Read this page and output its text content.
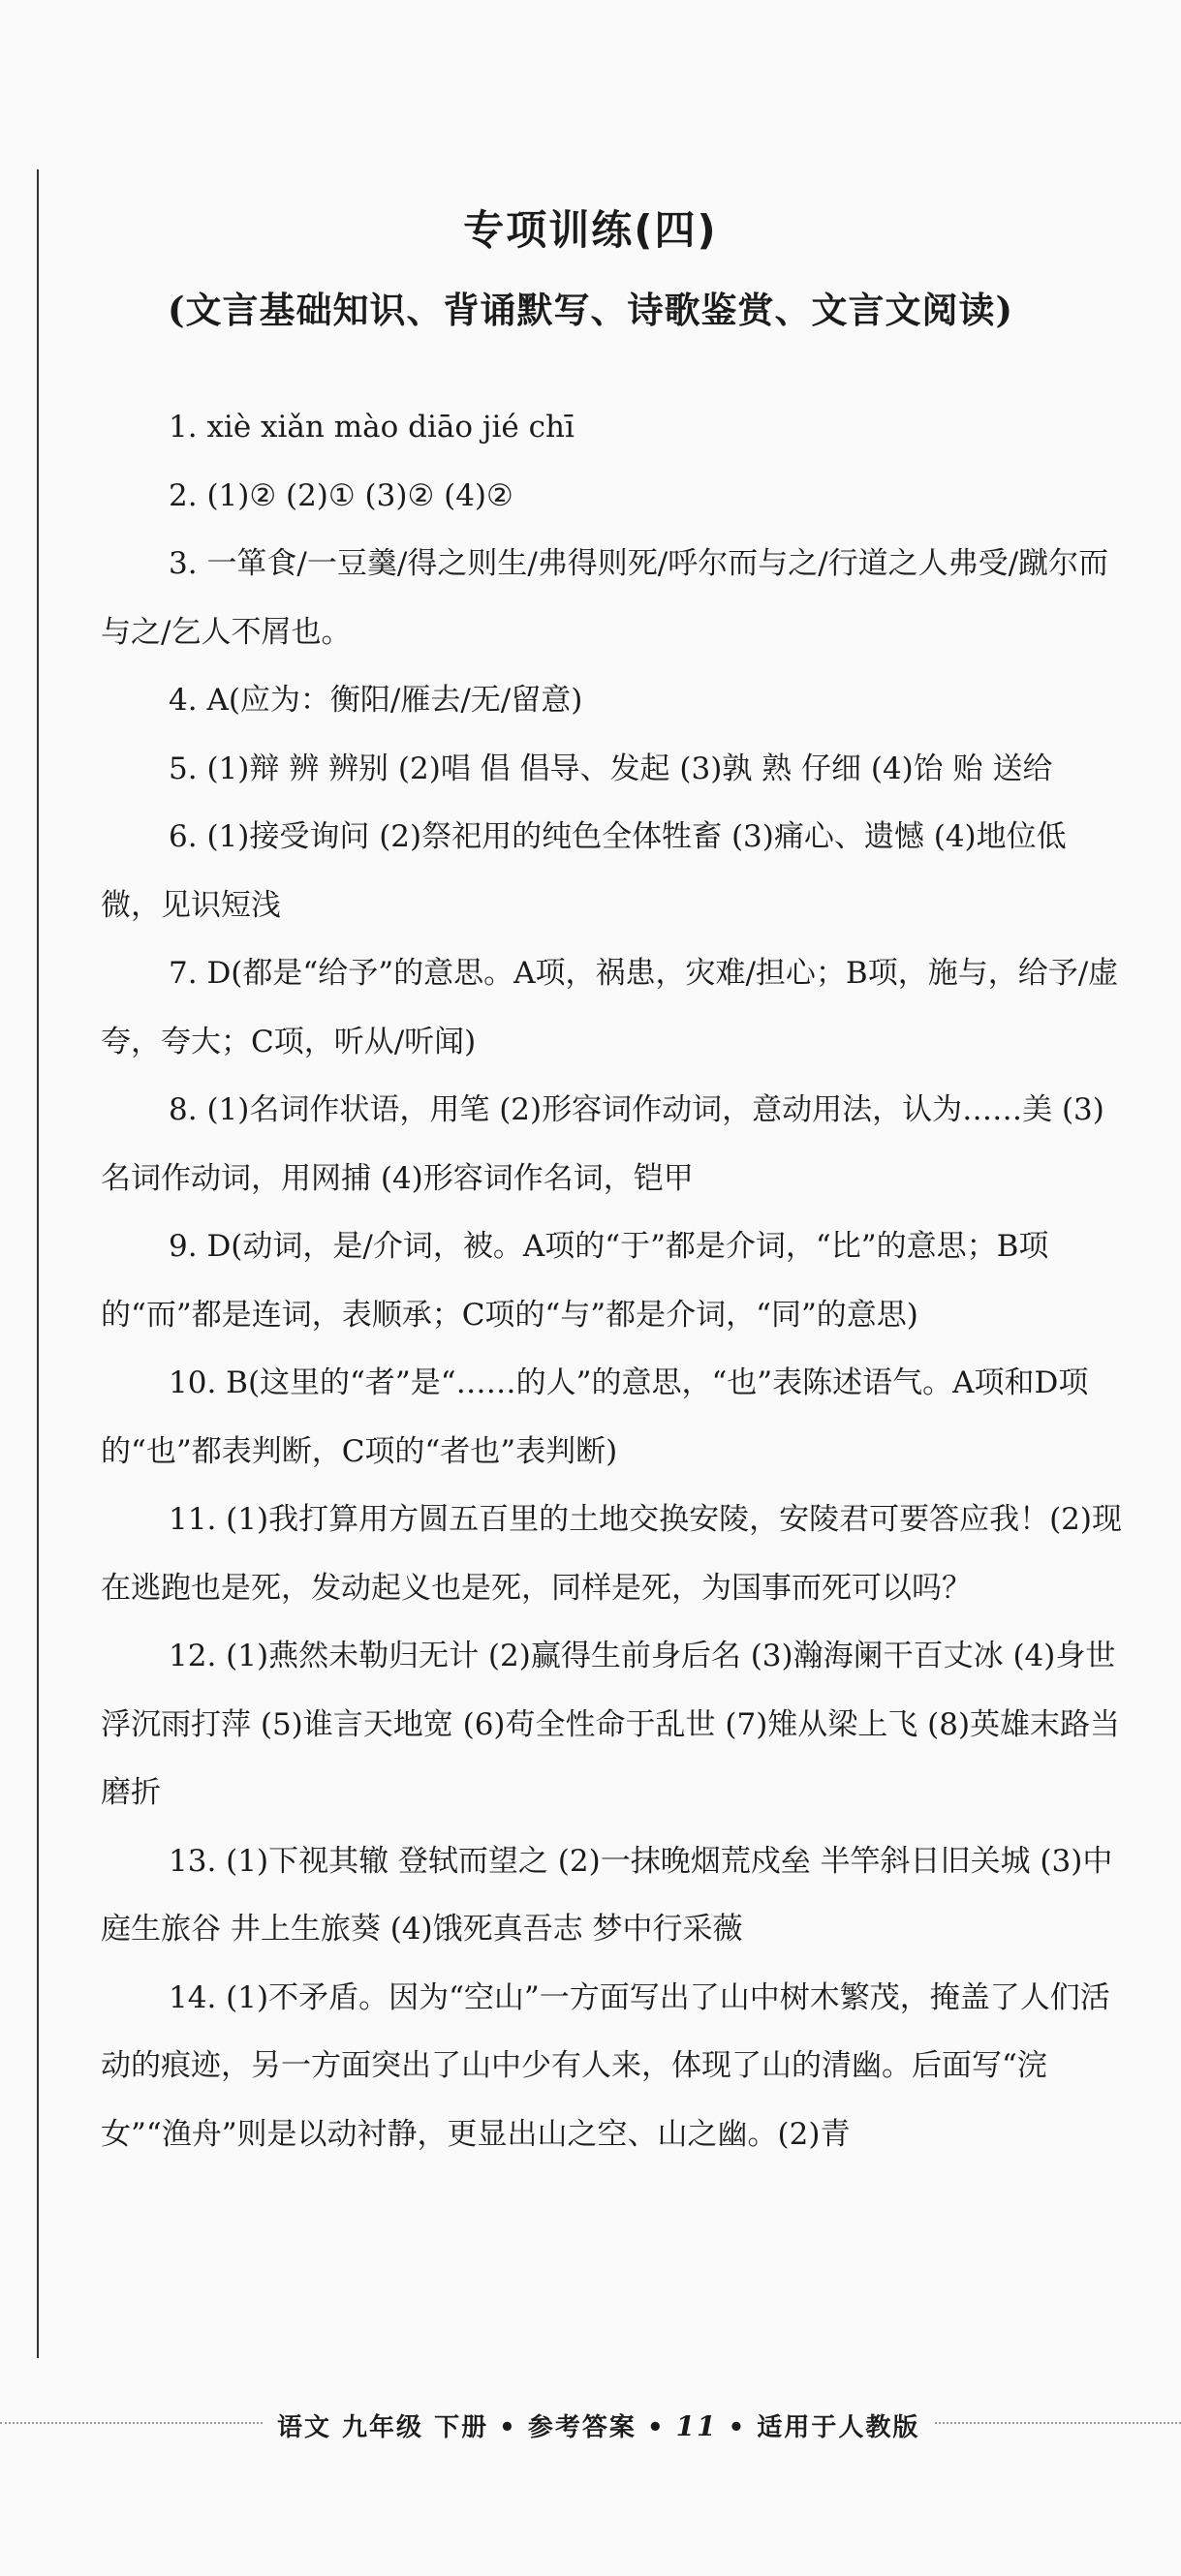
专项训练(四)
(文言基础知识、背诵默写、诗歌鉴赏、文言文阅读)

1. xiè xiǎn mào diāo jié chī

2. (1)② (2)① (3)② (4)②

3. 一箪食/一豆羹/得之则生/弗得则死/呼尔而与之/行道之人弗受/蹴尔而与之/乞人不屑也。

4. A(应为：衡阳/雁去/无/留意)

5. (1)辩 辨 辨别 (2)唱 倡 倡导、发起 (3)孰 熟 仔细 (4)饴 贻 送给

6. (1)接受询问 (2)祭祀用的纯色全体牲畜 (3)痛心、遗憾 (4)地位低微，见识短浅

7. D(都是“给予”的意思。A项，祸患，灾难/担心；B项，施与，给予/虚夸，夸大；C项，听从/听闻)

8. (1)名词作状语，用笔 (2)形容词作动词，意动用法，认为……美 (3)名词作动词，用网捕 (4)形容词作名词，铠甲

9. D(动词，是/介词，被。A项的“于”都是介词，“比”的意思；B项的“而”都是连词，表顺承；C项的“与”都是介词，“同”的意思)

10. B(这里的“者”是“……的人”的意思，“也”表陈述语气。A项和D项的“也”都表判断，C项的“者也”表判断)

11. (1)我打算用方圆五百里的土地交换安陵，安陵君可要答应我！(2)现在逃跑也是死，发动起义也是死，同样是死，为国事而死可以吗？

12. (1)燕然未勒归无计 (2)赢得生前身后名 (3)瀚海阑干百丈冰 (4)身世浮沉雨打萍 (5)谁言天地宽 (6)苟全性命于乱世 (7)雉从梁上飞 (8)英雄末路当磨折

13. (1)下视其辙 登轼而望之 (2)一抹晚烟荒戍垒 半竿斜日旧关城 (3)中庭生旅谷 井上生旅葵 (4)饿死真吾志 梦中行采薇

14. (1)不矛盾。因为“空山”一方面写出了山中树木繁茂，掩盖了人们活动的痕迹，另一方面突出了山中少有人来，体现了山的清幽。后面写“浣女”“渔舟”则是以动衬静，更显出山之空、山之幽。(2)青

语文 九年级 下册 • 参考答案 • 11 • 适用于人教版
